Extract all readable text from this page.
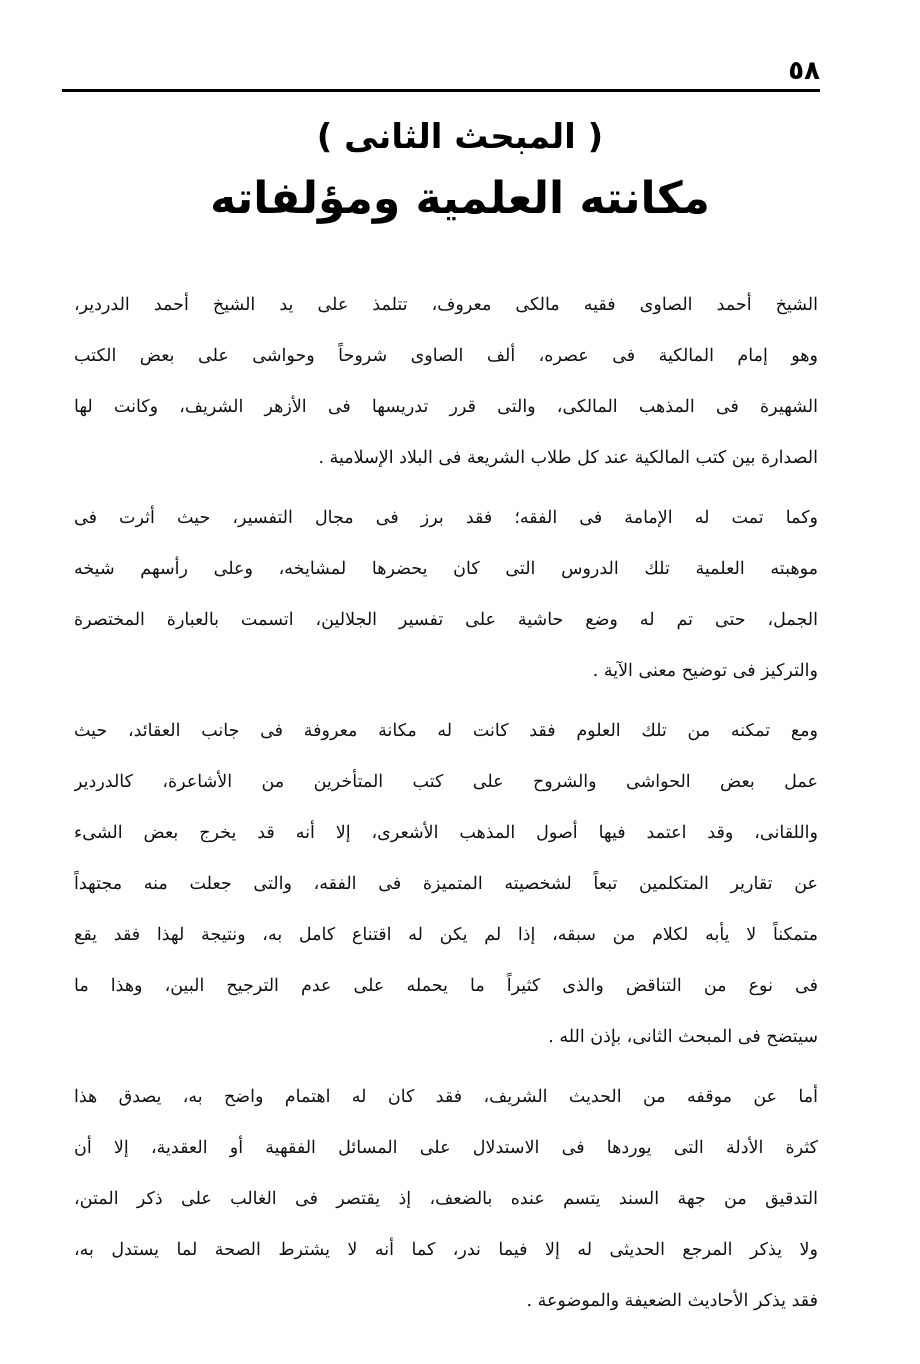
٥٨
( المبحث الثانى )
مكانته العلمية ومؤلفاته
الشيخ أحمد الصاوى فقيه مالكى معروف، تتلمذ على يد الشيخ أحمد الدردير،
وهو إمام المالكية فى عصره، ألف الصاوى شروحاً وحواشى على بعض الكتب
الشهيرة فى المذهب المالكى، والتى قرر تدريسها فى الأزهر الشريف، وكانت لها
الصدارة بين كتب المالكية عند كل طلاب الشريعة فى البلاد الإسلامية .
وكما تمت له الإمامة فى الفقه؛ فقد برز فى مجال التفسير، حيث أثرت فى
موهبته العلمية تلك الدروس التى كان يحضرها لمشايخه، وعلى رأسهم شيخه
الجمل، حتى تم له وضع حاشية على تفسير الجلالين، اتسمت بالعبارة المختصرة
والتركيز فى توضيح معنى الآية .
ومع تمكنه من تلك العلوم فقد كانت له مكانة معروفة فى جانب العقائد، حيث
عمل بعض الحواشى والشروح على كتب المتأخرين من الأشاعرة، كالدردير
واللقانى، وقد اعتمد فيها أصول المذهب الأشعرى، إلا أنه قد يخرج بعض الشىء
عن تقارير المتكلمين تبعاً لشخصيته المتميزة فى الفقه، والتى جعلت منه مجتهداً
متمكناً لا يأبه لكلام من سبقه، إذا لم يكن له اقتناع كامل به، ونتيجة لهذا فقد يقع
فى نوع من التناقض والذى كثيراً ما يحمله على عدم الترجيح البين، وهذا ما
سيتضح فى المبحث الثانى، بإذن الله .
أما عن موقفه من الحديث الشريف، فقد كان له اهتمام واضح به، يصدق هذا
كثرة الأدلة التى يوردها فى الاستدلال على المسائل الفقهية أو العقدية، إلا أن
التدقيق من جهة السند يتسم عنده بالضعف، إذ يقتصر فى الغالب على ذكر المتن،
ولا يذكر المرجع الحديثى له إلا فيما ندر، كما أنه لا يشترط الصحة لما يستدل به،
فقد يذكر الأحاديث الضعيفة والموضوعة .
